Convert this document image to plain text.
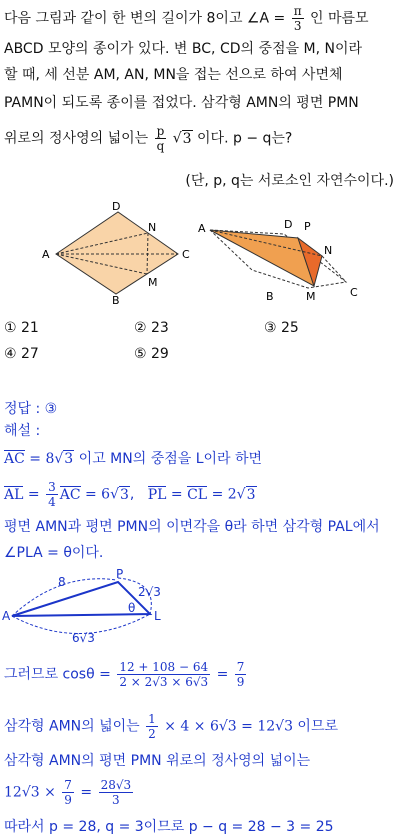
다음 그림과 같이 한 변의 길이가 8이고 ∠A = $\frac{\pi}{3}$ 인 마름모
ABCD 모양의 종이가 있다. 변 BC, CD의 중점을 M, N이라
할 때, 세 선분 AM, AN, MN을 접는 선으로 하여 사면체
PAMN이 되도록 종이를 접었다. 삼각형 AMN의 평면 PMN
위로의 정사영의 넓이는 $\frac{p}{q} √3$ 이다. p − q는?
(단, p, q는 서로소인 자연수이다.)
D
N
A	C
M
B
A	D P
N
B	M	C
① 21	② 23	③ 25
④ 27	⑤ 29
정답 : ③
해설 :
AC = 8√3 이고 MN의 중점을 L이라 하면
AL = $\frac{3}{4}$ AC = 6√3,   PL = CL = 2√3
평면 AMN과 평면 PMN의 이면각을 θ라 하면 삼각형 PAL에서
∠PLA = θ이다.
8
2√3
6√3
A
P
L
θ
그러므로 $\cos\theta = \frac{12 + 108 - 64}{2 \times 2√3 \times 6√3} = \frac{7}{9}$
삼각형 AMN의 넓이는 $\frac{1}{2} \times 4 \times 6√3 = 12√3$ 이므로
삼각형 AMN의 평면 PMN 위로의 정사영의 넓이는
$12√3 \times \frac{7}{9} = \frac{28√3}{3}$
따라서 p = 28, q = 3이므로 p − q = 28 − 3 = 25
